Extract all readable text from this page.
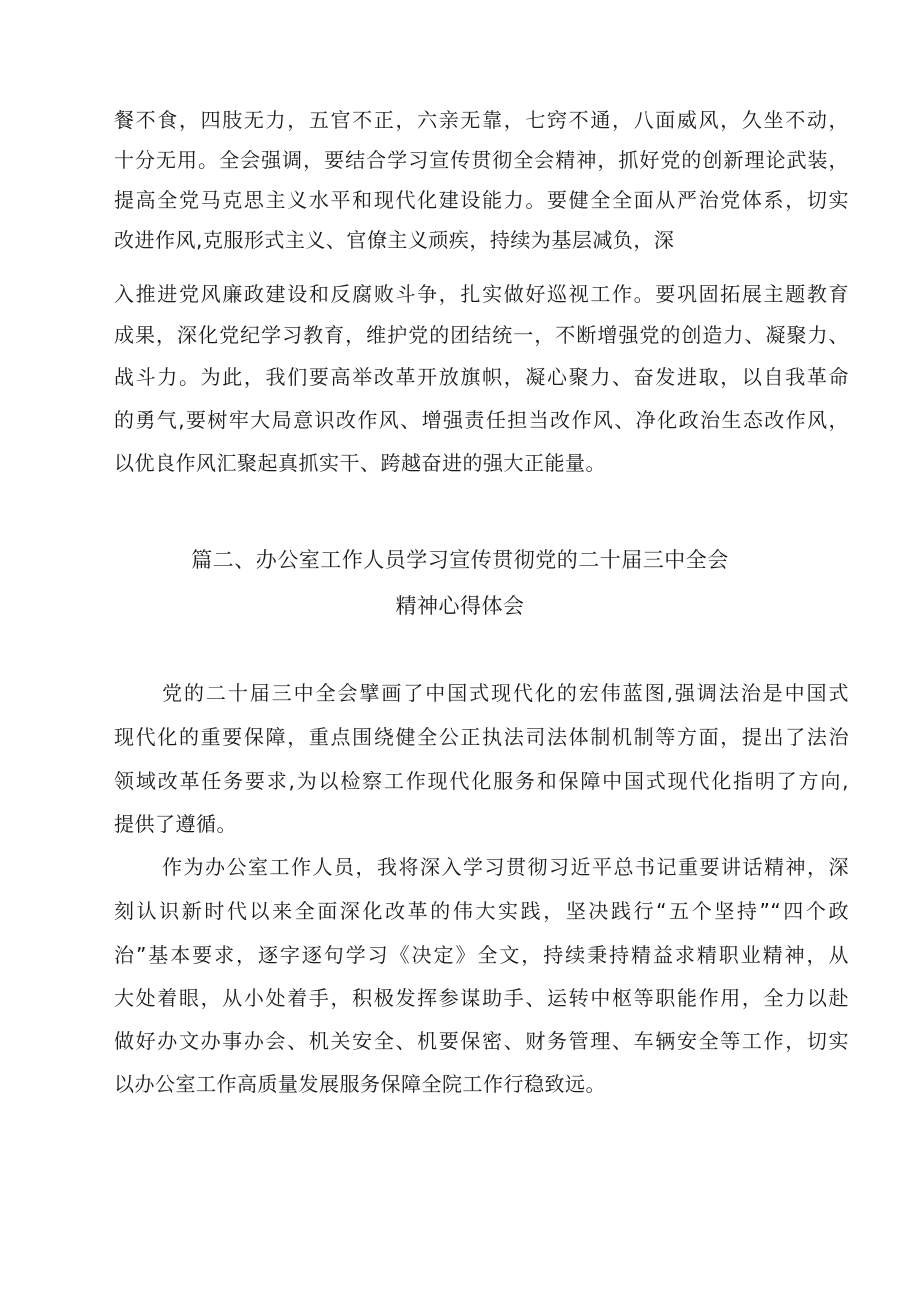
餐不食，四肢无力，五官不正，六亲无靠，七窍不通，八面威风，久坐不动，
十分无用。全会强调，要结合学习宣传贯彻全会精神，抓好党的创新理论武装，
提高全党马克思主义水平和现代化建设能力。要健全全面从严治党体系，切实
改进作风,克服形式主义、官僚主义顽疾，持续为基层减负，深
入推进党风廉政建设和反腐败斗争，扎实做好巡视工作。要巩固拓展主题教育
成果，深化党纪学习教育，维护党的团结统一，不断增强党的创造力、凝聚力、
战斗力。为此，我们要高举改革开放旗帜，凝心聚力、奋发进取，以自我革命
的勇气,要树牢大局意识改作风、增强责任担当改作风、净化政治生态改作风，
以优良作风汇聚起真抓实干、跨越奋进的强大正能量。
篇二、办公室工作人员学习宣传贯彻党的二十届三中全会
精神心得体会
党的二十届三中全会擘画了中国式现代化的宏伟蓝图,强调法治是中国式
现代化的重要保障，重点围绕健全公正执法司法体制机制等方面，提出了法治
领域改革任务要求,为以检察工作现代化服务和保障中国式现代化指明了方向,
提供了遵循。
作为办公室工作人员，我将深入学习贯彻习近平总书记重要讲话精神，深
刻认识新时代以来全面深化改革的伟大实践，坚决践行“五个坚持”“四个政
治”基本要求，逐字逐句学习《决定》全文，持续秉持精益求精职业精神，从
大处着眼，从小处着手，积极发挥参谋助手、运转中枢等职能作用，全力以赴
做好办文办事办会、机关安全、机要保密、财务管理、车辆安全等工作，切实
以办公室工作高质量发展服务保障全院工作行稳致远。
